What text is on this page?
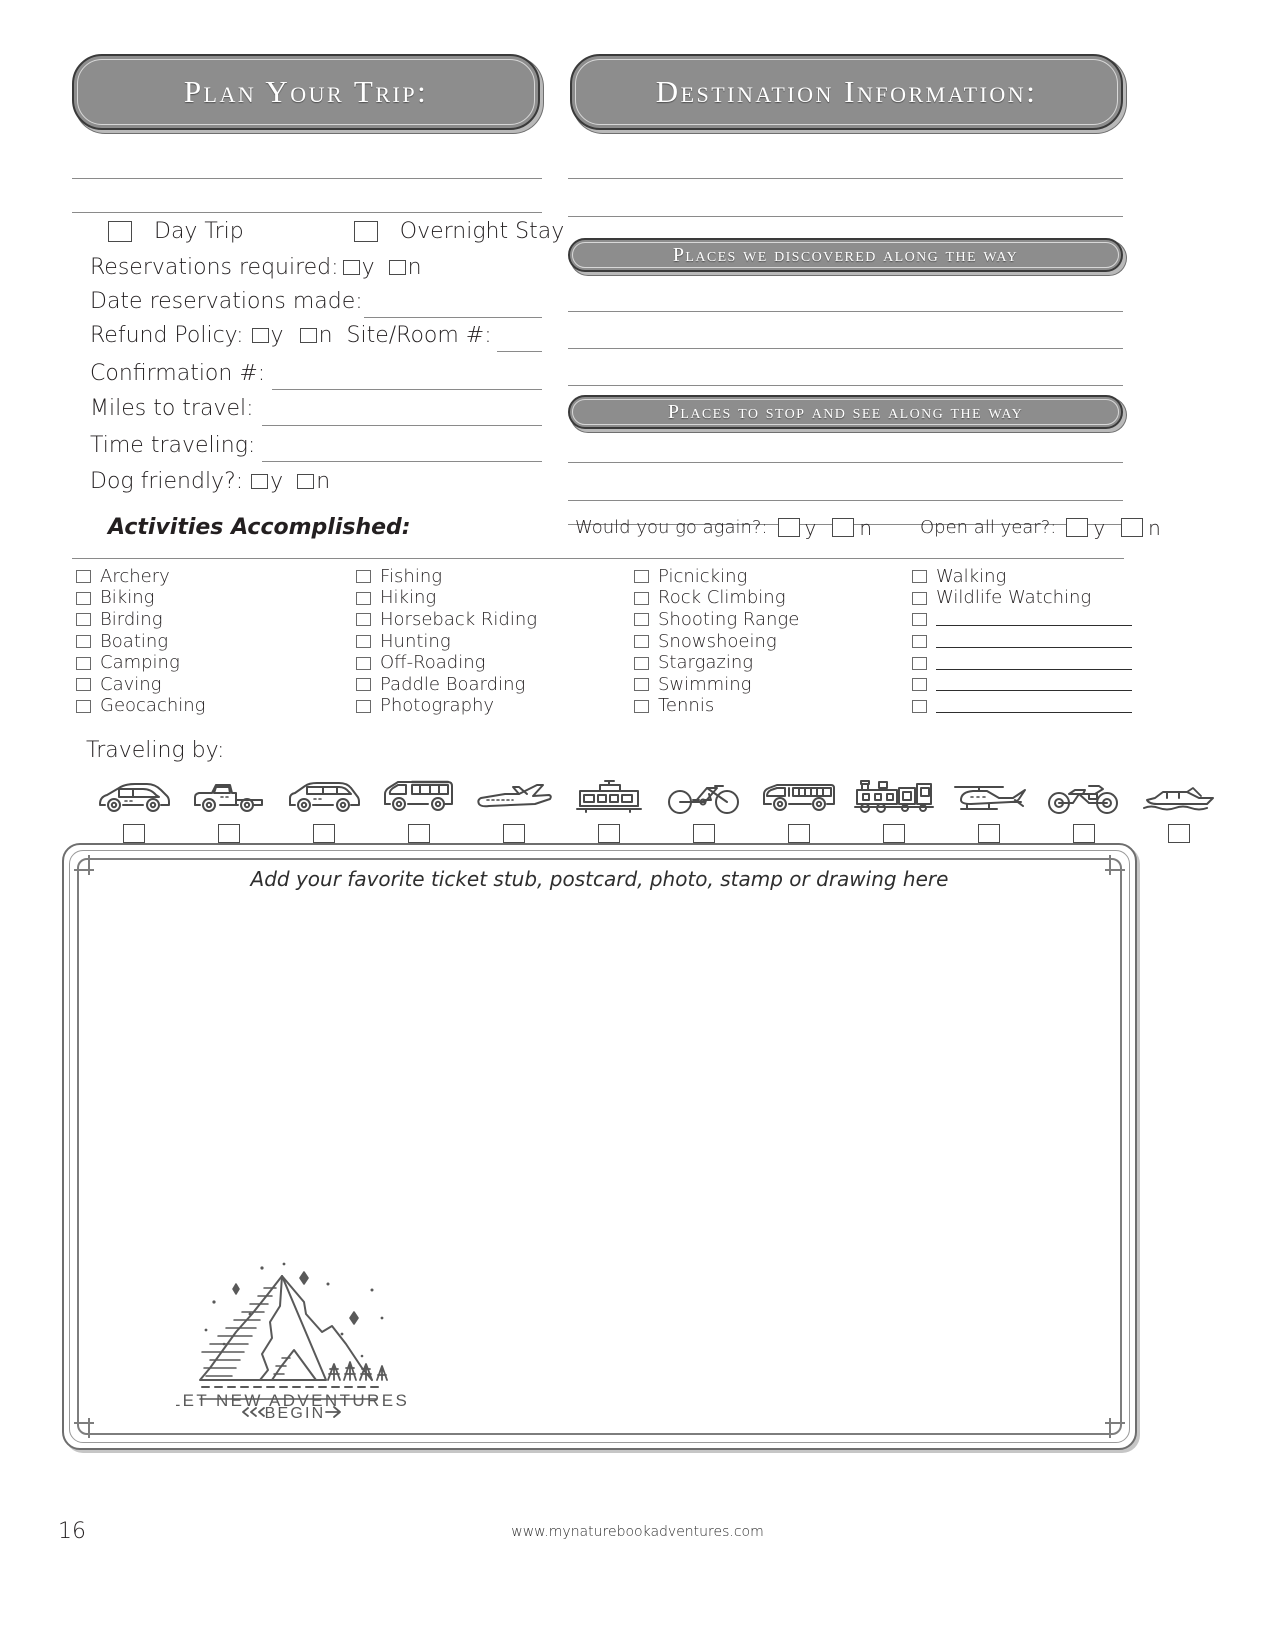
Plan Your Trip:	Destination Information:
Day Trip	Overnight Stay
Reservations required: y n
Date reservations made:
Refund Policy: y n Site/Room #:
Confirmation #:
Miles to travel:
Time traveling:
Dog friendly?: y n
Activities Accomplished:
Places we discovered along the way
Places to stop and see along the way
Would you go again?: y n	Open all year?: y n
Archery
Biking
Birding
Boating
Camping
Caving
Geocaching
Fishing
Hiking
Horseback Riding
Hunting
Off-Roading
Paddle Boarding
Photography
Picnicking
Rock Climbing
Shooting Range
Snowshoeing
Stargazing
Swimming
Tennis
Walking
Wildlife Watching
Traveling by:
Add your favorite ticket stub, postcard, photo, stamp or drawing here
LET NEW ADVENTURES
BEGIN
16	www.mynaturebookadventures.com
